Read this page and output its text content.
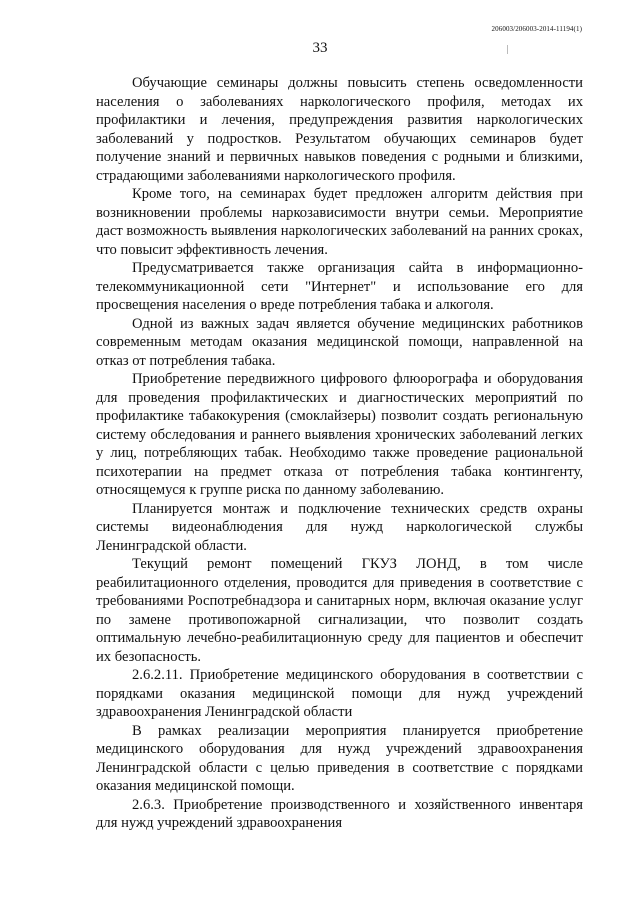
206003/206003-2014-11194(1)
33

Обучающие семинары должны повысить степень осведомленности населения о заболеваниях наркологического профиля, методах их профилактики и лечения, предупреждения развития наркологических заболеваний у подростков. Результатом обучающих семинаров будет получение знаний и первичных навыков поведения с родными и близкими, страдающими заболеваниями наркологического профиля.

Кроме того, на семинарах будет предложен алгоритм действия при возникновении проблемы наркозависимости внутри семьи. Мероприятие даст возможность выявления наркологических заболеваний на ранних сроках, что повысит эффективность лечения.

Предусматривается также организация сайта в информационно-телекоммуникационной сети "Интернет" и использование его для просвещения населения о вреде потребления табака и алкоголя.

Одной из важных задач является обучение медицинских работников современным методам оказания медицинской помощи, направленной на отказ от потребления табака.

Приобретение передвижного цифрового флюорографа и оборудования для проведения профилактических и диагностических мероприятий по профилактике табакокурения (смоклайзеры) позволит создать региональную систему обследования и раннего выявления хронических заболеваний легких у лиц, потребляющих табак. Необходимо также проведение рациональной психотерапии на предмет отказа от потребления табака контингенту, относящемуся к группе риска по данному заболеванию.

Планируется монтаж и подключение технических средств охраны системы видеонаблюдения для нужд наркологической службы Ленинградской области.

Текущий ремонт помещений ГКУЗ ЛОНД, в том числе реабилитационного отделения, проводится для приведения в соответствие с требованиями Роспотребнадзора и санитарных норм, включая оказание услуг по замене противопожарной сигнализации, что позволит создать оптимальную лечебно-реабилитационную среду для пациентов и обеспечит их безопасность.

2.6.2.11. Приобретение медицинского оборудования в соответствии с порядками оказания медицинской помощи для нужд учреждений здравоохранения Ленинградской области

В рамках реализации мероприятия планируется приобретение медицинского оборудования для нужд учреждений здравоохранения Ленинградской области с целью приведения в соответствие с порядками оказания медицинской помощи.

2.6.3. Приобретение производственного и хозяйственного инвентаря для нужд учреждений здравоохранения
